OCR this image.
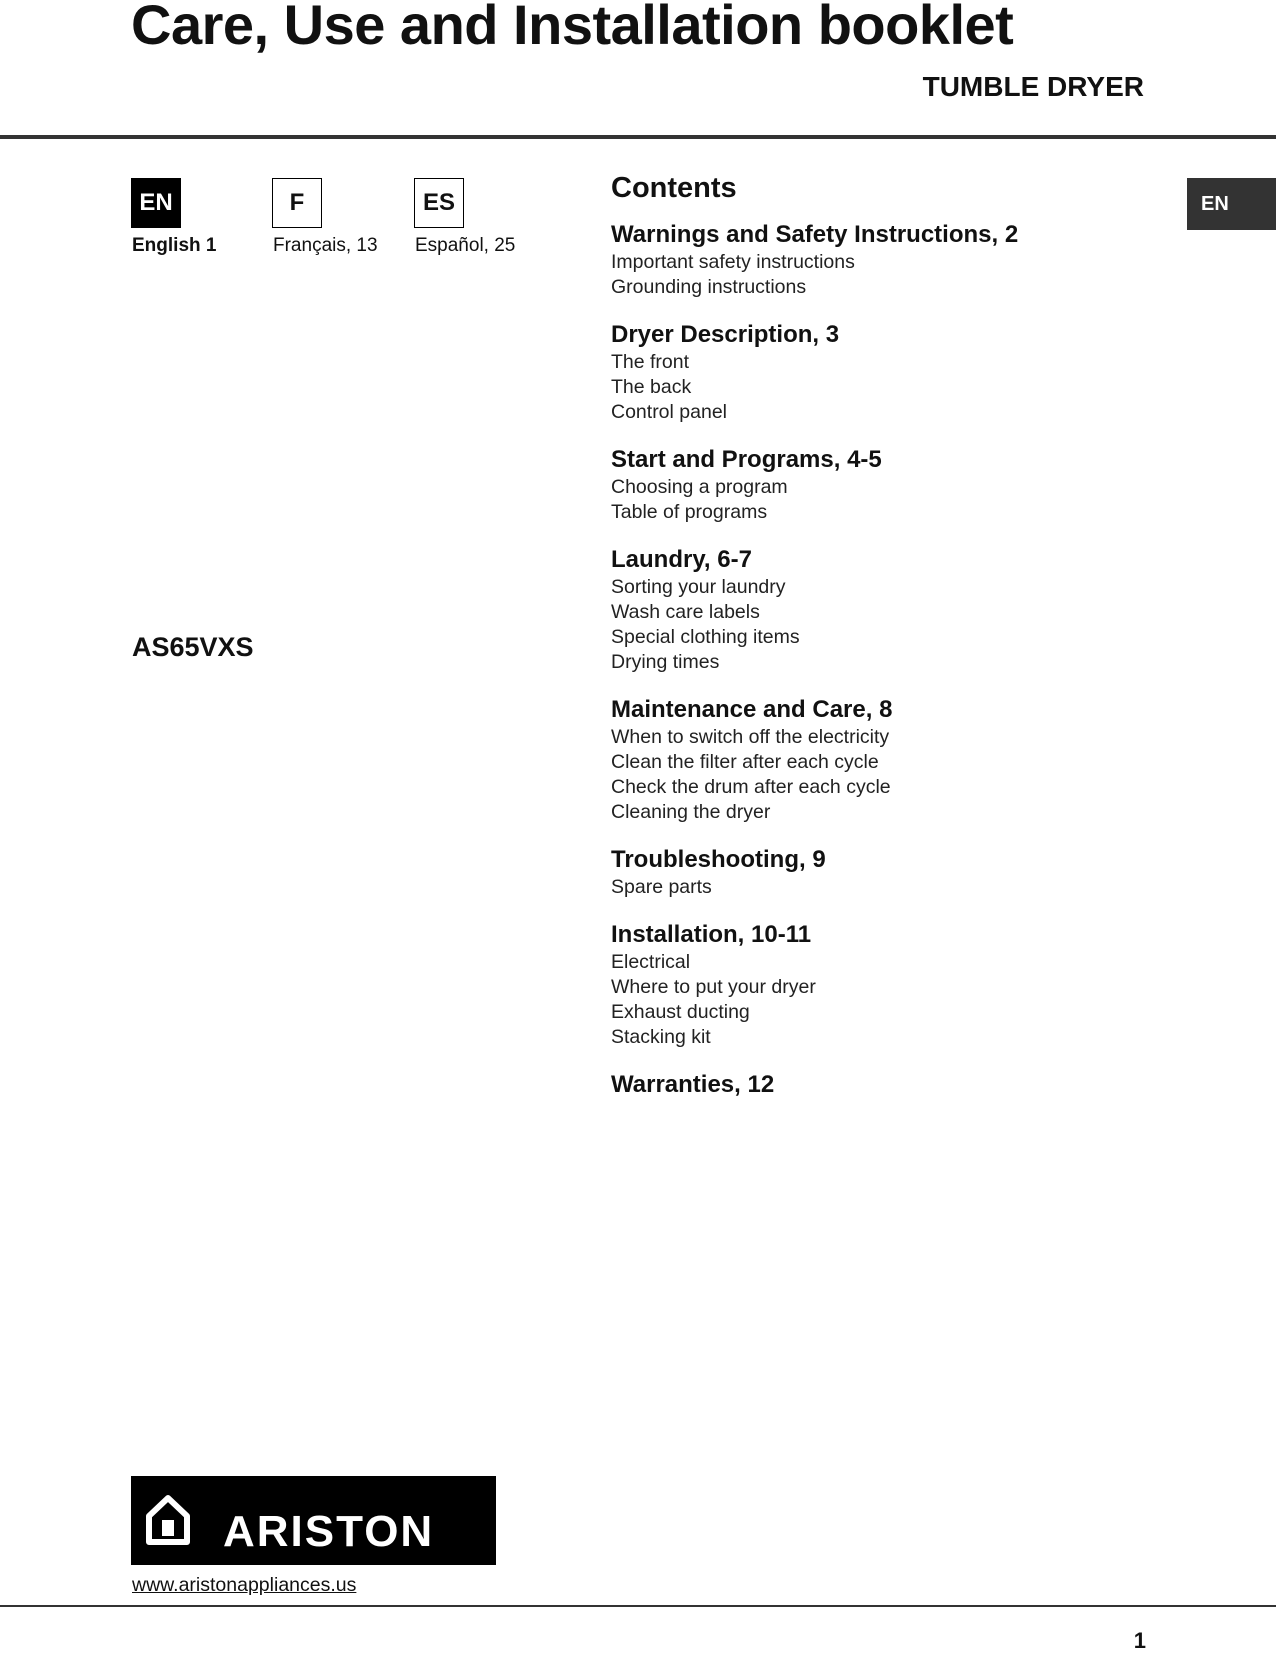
Care, Use and Installation booklet
TUMBLE DRYER
EN	F	ES
English 1	Français, 13 Español, 25
AS65VXS
Contents
Warnings and Safety Instructions, 2
Important safety instructions
Grounding instructions
Dryer Description, 3
The front
The back
Control panel
Start and Programs, 4-5
Choosing a program
Table of programs
Laundry, 6-7
Sorting your laundry
Wash care labels
Special clothing items
Drying times
Maintenance and Care, 8
When to switch off the electricity
Clean the filter after each cycle
Check the drum after each cycle
Cleaning the dryer
Troubleshooting, 9
Spare parts
Installation, 10-11
Electrical
Where to put your dryer
Exhaust ducting
Stacking kit
Warranties, 12
EN
ARISTON
www.aristonappliances.us
1
